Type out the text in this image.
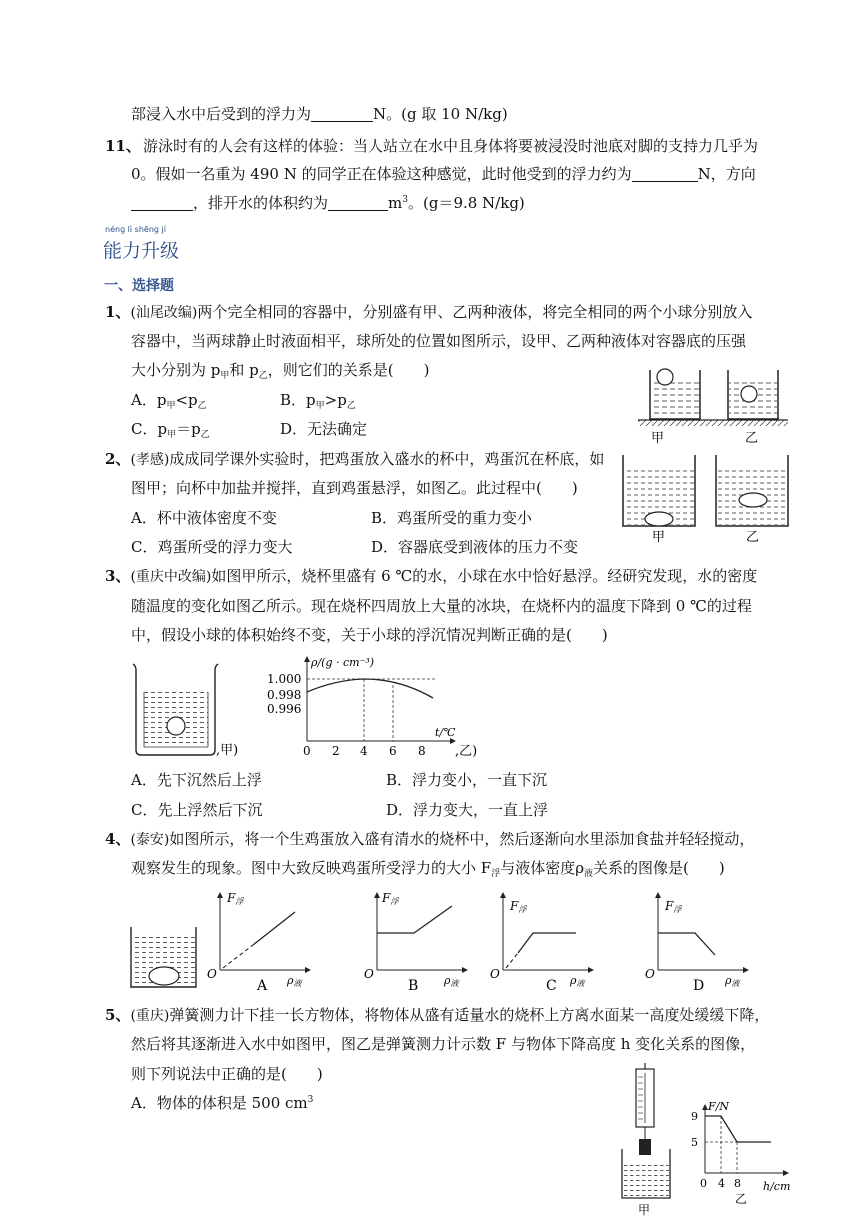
部浸入水中后受到的浮力为	N。(g 取 10 N/kg)
11、 游泳时有的人会有这样的体验：当人站立在水中且身体将要被浸没时池底对脚的支持力几乎为
0。假如一名重为 490 N 的同学正在体验这种感觉，此时他受到的浮力约为	N，方向
，排开水的体积约为	$m^3$。(g＝9.8 N/kg)
nénɡ lì shēnɡ jí
能力升级
一、选择题
1、(汕尾改编)两个完全相同的容器中，分别盛有甲、乙两种液体，将完全相同的两个小球分别放入
容器中，当两球静止时液面相平，球所处的位置如图所示，设甲、乙两种液体对容器底的压强
大小分别为 $p_甲$和 $p_乙$，则它们的关系是(　　)
A．$p_甲<p_乙$	B．$p_甲>p_乙$
C．$p_甲=p_乙$	D．无法确定
甲	乙
2、(孝感)成成同学课外实验时，把鸡蛋放入盛水的杯中，鸡蛋沉在杯底，如
图甲；向杯中加盐并搅拌，直到鸡蛋悬浮，如图乙。此过程中(　　)
A．杯中液体密度不变	B．鸡蛋所受的重力变小
C．鸡蛋所受的浮力变大	D．容器底受到液体的压力不变
甲	乙
3、(重庆中改编)如图甲所示，烧杯里盛有 6 ℃的水，小球在水中恰好悬浮。经研究发现，水的密度
随温度的变化如图乙所示。现在烧杯四周放上大量的冰块，在烧杯内的温度下降到 0 ℃的过程
中，假设小球的体积始终不变，关于小球的浮沉情况判断正确的是(　　)
,甲)
ρ/(g · cm⁻³)
t/℃
1.000
0.998
0.996
0 2 4 6 8 ,乙)
A．先下沉然后上浮	B．浮力变小，一直下沉
C．先上浮然后下沉	D．浮力变大，一直上浮
4、(泰安)如图所示，将一个生鸡蛋放入盛有清水的烧杯中，然后逐渐向水里添加食盐并轻轻搅动，
观察发生的现象。图中大致反映鸡蛋所受浮力的大小 $F_浮$与液体密度$\rho_液$关系的图像是(　　)
F浮
O	ρ液
A
F浮
O	ρ液
B
F浮
O	ρ液
C
F浮
O	ρ液
D
5、(重庆)弹簧测力计下挂一长方物体，将物体从盛有适量水的烧杯上方离水面某一高度处缓缓下降，
然后将其逐渐进入水中如图甲，图乙是弹簧测力计示数 F 与物体下降高度 h 变化关系的图像，
则下列说法中正确的是(　　)
A．物体的体积是 500 $cm^3$
甲
F/N
9
5
0 4 8 h/cm
乙
